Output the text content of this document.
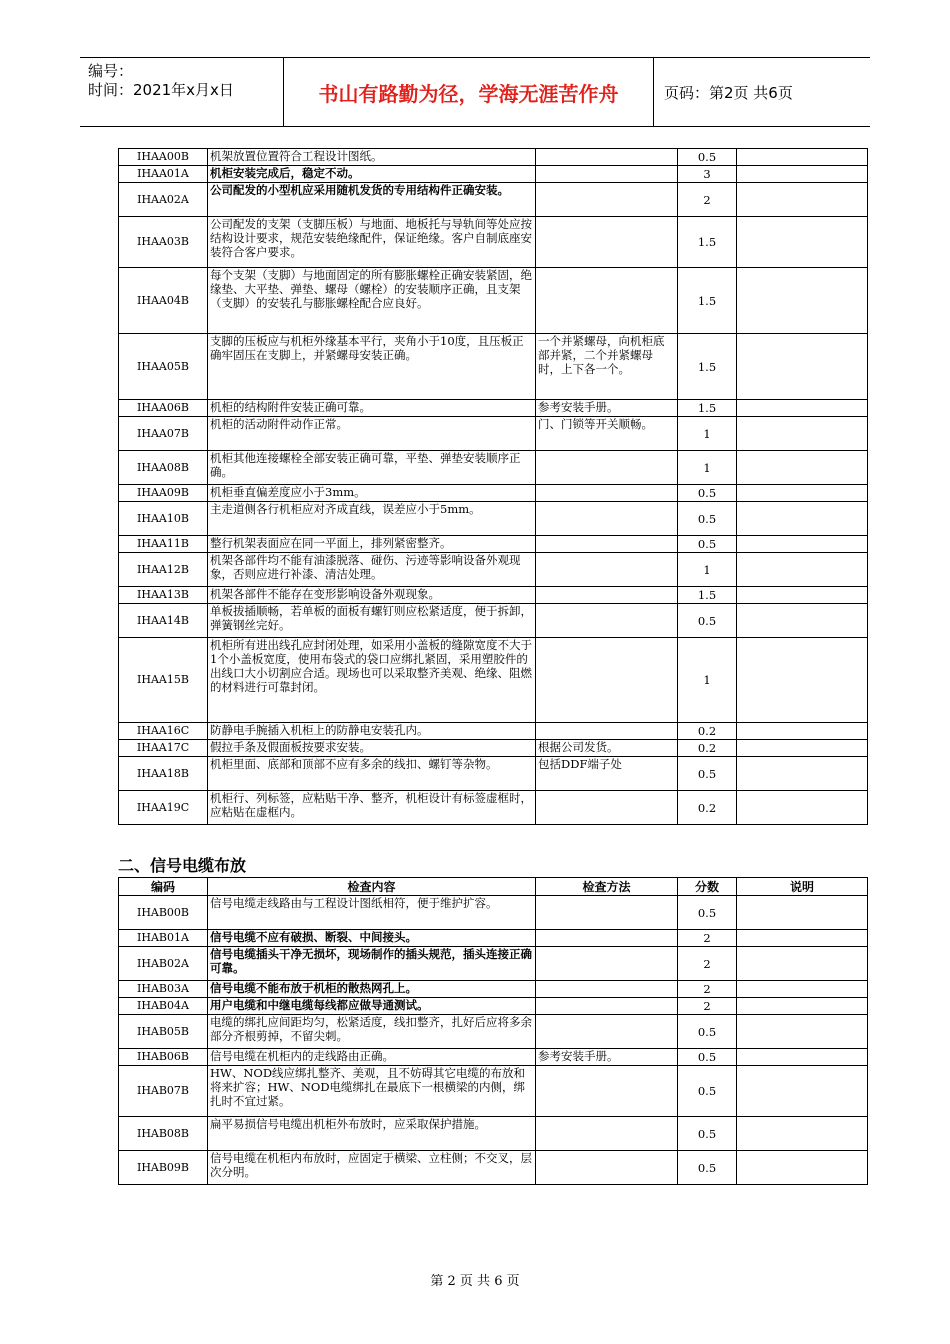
编号：
时间：2021年x月x日	书山有路勤为径，学海无涯苦作舟	页码：第2页 共6页
IHAA00B	机架放置位置符合工程设计图纸。		0.5	
IHAA01A	机柜安装完成后，稳定不动。		3	
IHAA02A	公司配发的小型机应采用随机发货的专用结构件正确安装。		2	
IHAA03B	公司配发的支架（支脚压板）与地面、地板托与导轨间等处应按结构设计要求，规范安装绝缘配件，保证绝缘。客户自制底座安装符合客户要求。		1.5	
IHAA04B	每个支架（支脚）与地面固定的所有膨胀螺栓正确安装紧固，绝缘垫、大平垫、弹垫、螺母（螺栓）的安装顺序正确，且支架（支脚）的安装孔与膨胀螺栓配合应良好。		1.5	
IHAA05B	支脚的压板应与机柜外缘基本平行，夹角小于10度，且压板正确牢固压在支脚上，并紧螺母安装正确。	一个并紧螺母，向机柜底部并紧，二个并紧螺母时，上下各一个。	1.5	
IHAA06B	机柜的结构附件安装正确可靠。	参考安装手册。	1.5	
IHAA07B	机柜的活动附件动作正常。	门、门锁等开关顺畅。	1	
IHAA08B	机柜其他连接螺栓全部安装正确可靠，平垫、弹垫安装顺序正确。		1	
IHAA09B	机柜垂直偏差度应小于3mm。		0.5	
IHAA10B	主走道侧各行机柜应对齐成直线，误差应小于5mm。		0.5	
IHAA11B	整行机架表面应在同一平面上，排列紧密整齐。		0.5	
IHAA12B	机架各部件均不能有油漆脱落、碰伤、污迹等影响设备外观现象，否则应进行补漆、清洁处理。		1	
IHAA13B	机架各部件不能存在变形影响设备外观现象。		1.5	
IHAA14B	单板拔插顺畅，若单板的面板有螺钉则应松紧适度，便于拆卸，弹簧钢丝完好。		0.5	
IHAA15B	机柜所有进出线孔应封闭处理，如采用小盖板的缝隙宽度不大于1个小盖板宽度，使用布袋式的袋口应绑扎紧固，采用塑胶件的出线口大小切割应合适。现场也可以采取整齐美观、绝缘、阻燃的材料进行可靠封闭。		1	
IHAA16C	防静电手腕插入机柜上的防静电安装孔内。		0.2	
IHAA17C	假拉手条及假面板按要求安装。	根据公司发货。	0.2	
IHAA18B	机柜里面、底部和顶部不应有多余的线扣、螺钉等杂物。	包括DDF端子处	0.5	
IHAA19C	机柜行、列标签，应粘贴干净、整齐，机柜设计有标签虚框时，应粘贴在虚框内。		0.2	
二、信号电缆布放
编码	检查内容	检查方法	分数	说明
IHAB00B	信号电缆走线路由与工程设计图纸相符，便于维护扩容。		0.5	
IHAB01A	信号电缆不应有破损、断裂、中间接头。		2	
IHAB02A	信号电缆插头干净无损坏，现场制作的插头规范，插头连接正确可靠。		2	
IHAB03A	信号电缆不能布放于机柜的散热网孔上。		2	
IHAB04A	用户电缆和中继电缆每线都应做导通测试。		2	
IHAB05B	电缆的绑扎应间距均匀，松紧适度，线扣整齐，扎好后应将多余部分齐根剪掉，不留尖刺。		0.5	
IHAB06B	信号电缆在机柜内的走线路由正确。	参考安装手册。	0.5	
IHAB07B	HW、NOD线应绑扎整齐、美观，且不妨碍其它电缆的布放和将来扩容；HW、NOD电缆绑扎在最底下一根横梁的内侧，绑扎时不宜过紧。		0.5	
IHAB08B	扁平易损信号电缆出机柜外布放时，应采取保护措施。		0.5	
IHAB09B	信号电缆在机柜内布放时，应固定于横梁、立柱侧；不交叉，层次分明。		0.5	
第 2 页 共 6 页
